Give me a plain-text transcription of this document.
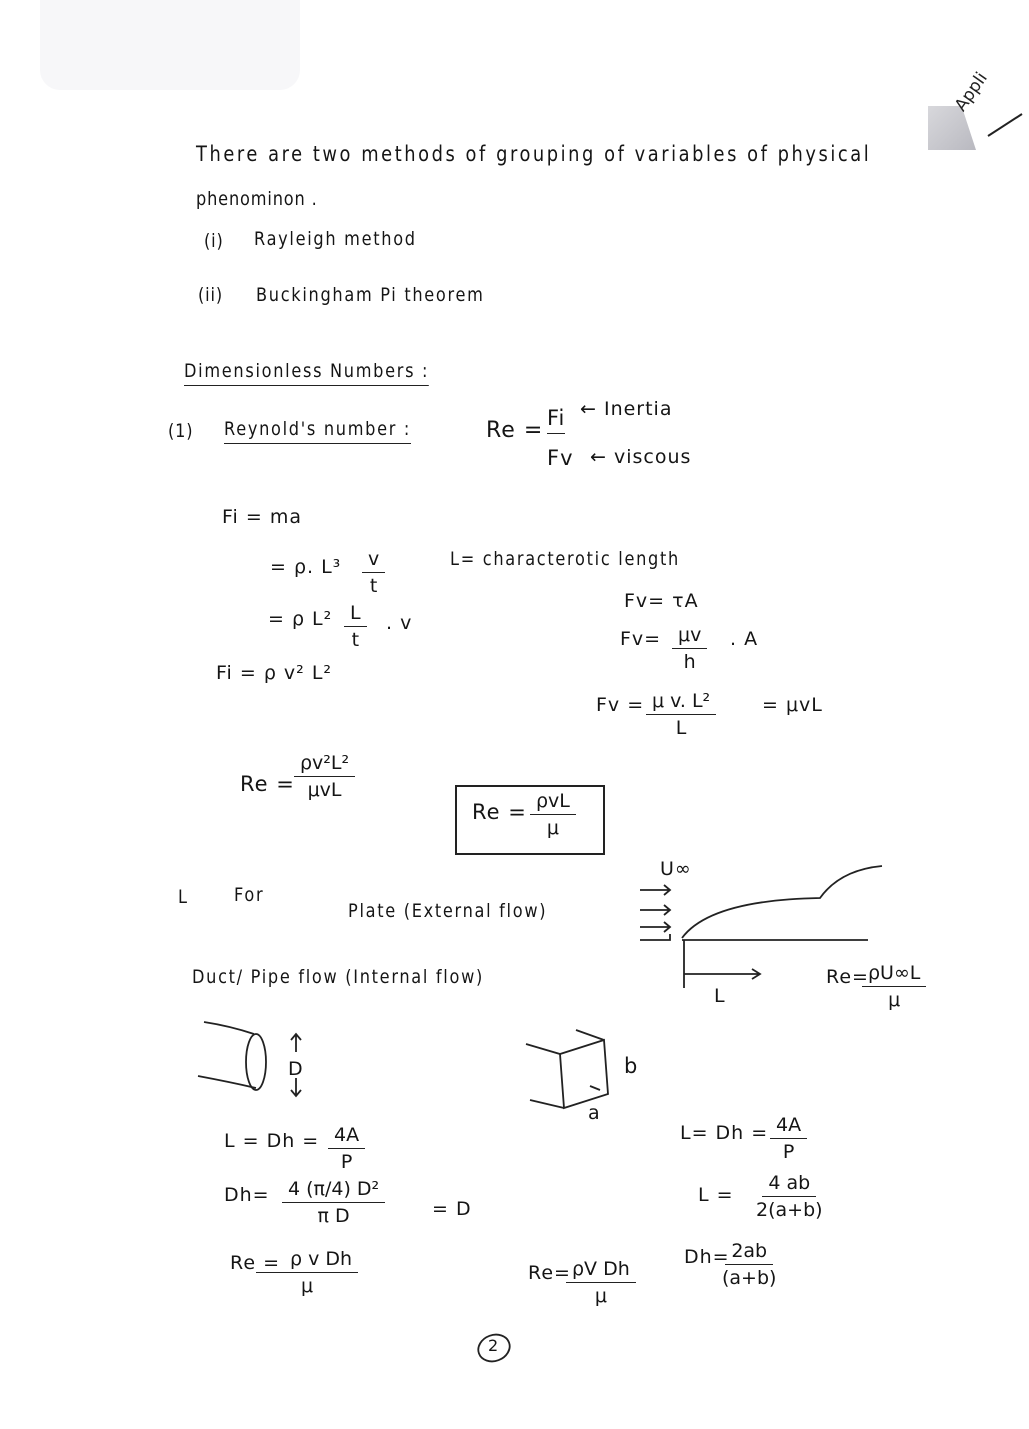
Appli
There are two methods of grouping of variables of physical
phenominon .
(i) Rayleigh method
(ii) Buckingham Pi theorem
Dimensionless Numbers :
(1) Reynold's number :	Re = Fi
Fv
← Inertia
← viscous
Fi = ma
= ρ. $L^3 \frac{v}{t}$
= ρ $L^2 \frac{L}{t}$ . v
Fi = ρ v² L²
L= characterotic length
Fv= τA
$Fv= \frac{\mu v}{h}$ . A
$Fv = \frac{\text{μ v. L²}}{L} = \mu vL$
Re =
ρv²L²
μvL
Re = ρvL
μ
L For
Plate (External flow)
Duct/ Pipe flow (Internal flow)
U∞
L
Re=
$\frac{\rho U\infty L}{\mu}$
D	b
a
$L = Dh = \frac{4A}{P}$
$Dh= \frac{\text{4 (π/4) D²}}{\text{π D}} = D$
Re =
$\frac{\text{ρ v Dh}}{\mu}$
$L= Dh = \frac{4A}{P}$
$L = \frac{4 ab}{2(a+b)}$
Dh=
$\frac{2ab}{(a+b)}$
Re=
$\frac{\text{ρV Dh}}{\mu}$
2
